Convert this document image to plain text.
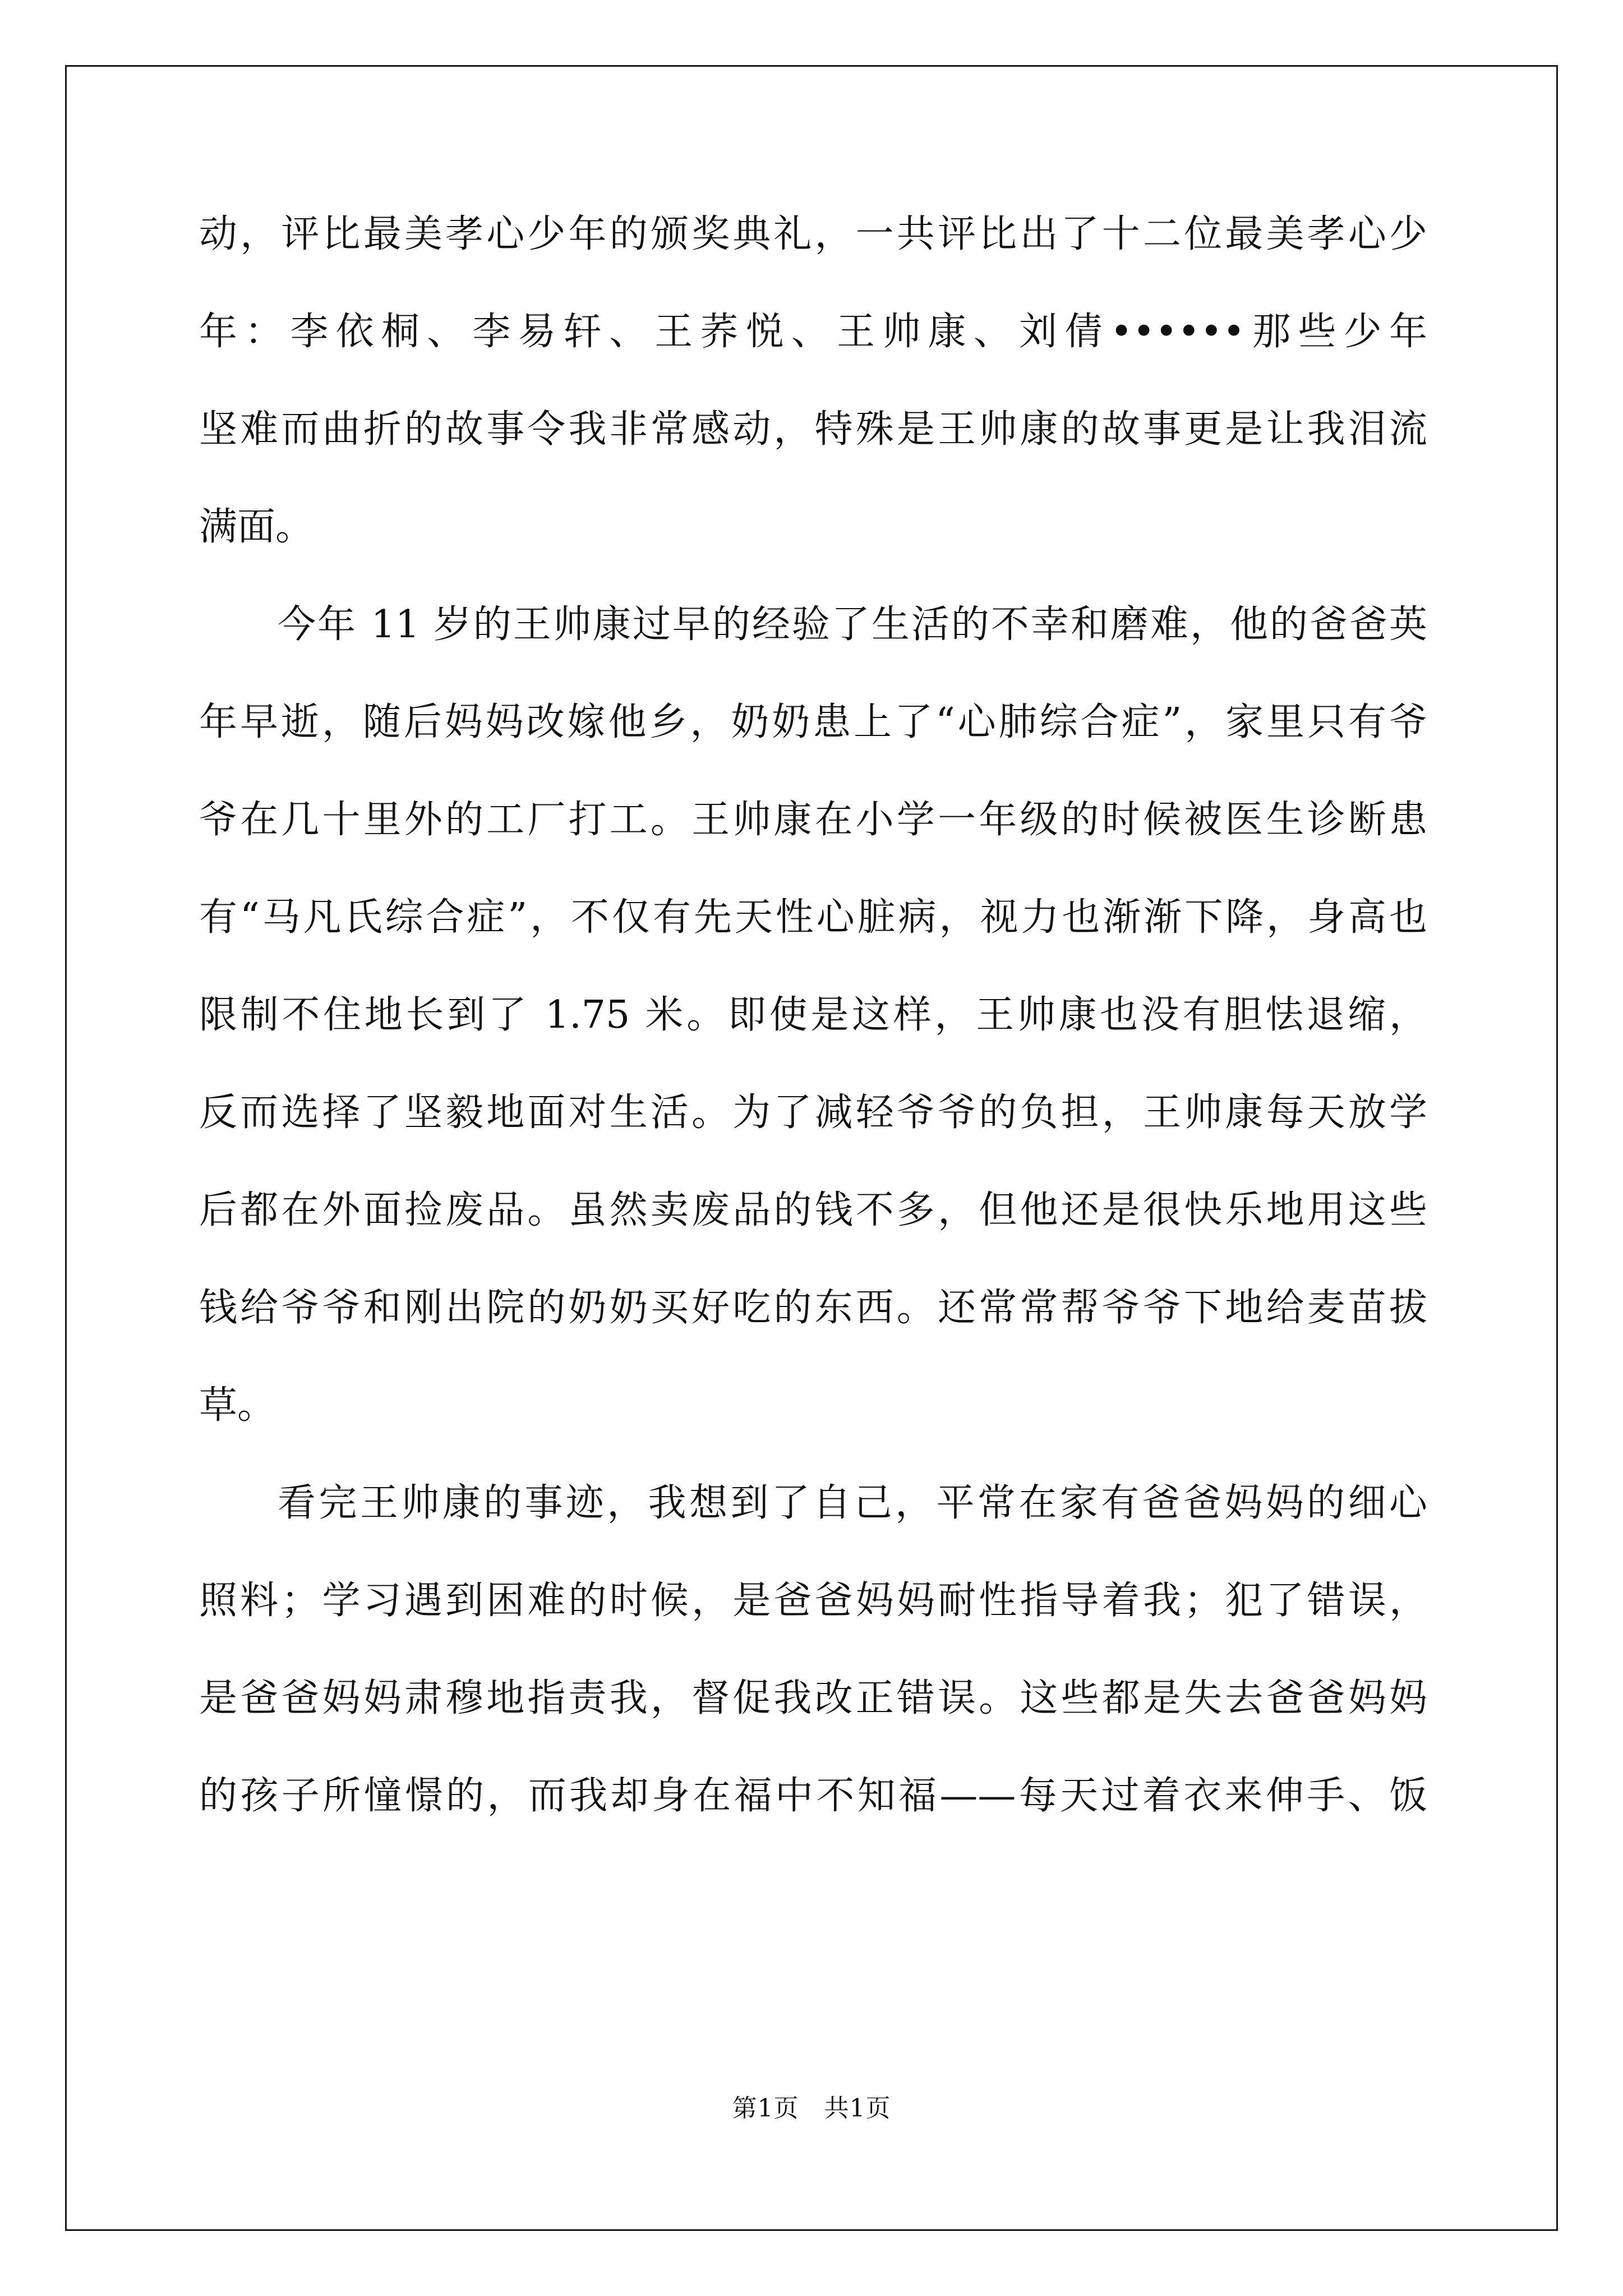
动，评比最美孝心少年的颁奖典礼，一共评比出了十二位最美孝心少
年：李依桐、李易轩、王荞悦、王帅康、刘倩••••••那些少年
坚难而曲折的故事令我非常感动，特殊是王帅康的故事更是让我泪流
满面。
今年 11 岁的王帅康过早的经验了生活的不幸和磨难，他的爸爸英
年早逝，随后妈妈改嫁他乡，奶奶患上了“心肺综合症”，家里只有爷
爷在几十里外的工厂打工。王帅康在小学一年级的时候被医生诊断患
有“马凡氏综合症”，不仅有先天性心脏病，视力也渐渐下降，身高也
限制不住地长到了 1.75 米。即使是这样，王帅康也没有胆怯退缩，
反而选择了坚毅地面对生活。为了减轻爷爷的负担，王帅康每天放学
后都在外面捡废品。虽然卖废品的钱不多，但他还是很快乐地用这些
钱给爷爷和刚出院的奶奶买好吃的东西。还常常帮爷爷下地给麦苗拔
草。
看完王帅康的事迹，我想到了自己，平常在家有爸爸妈妈的细心
照料；学习遇到困难的时候，是爸爸妈妈耐性指导着我；犯了错误，
是爸爸妈妈肃穆地指责我，督促我改正错误。这些都是失去爸爸妈妈
的孩子所憧憬的，而我却身在福中不知福——每天过着衣来伸手、饭
第1页　共1页
